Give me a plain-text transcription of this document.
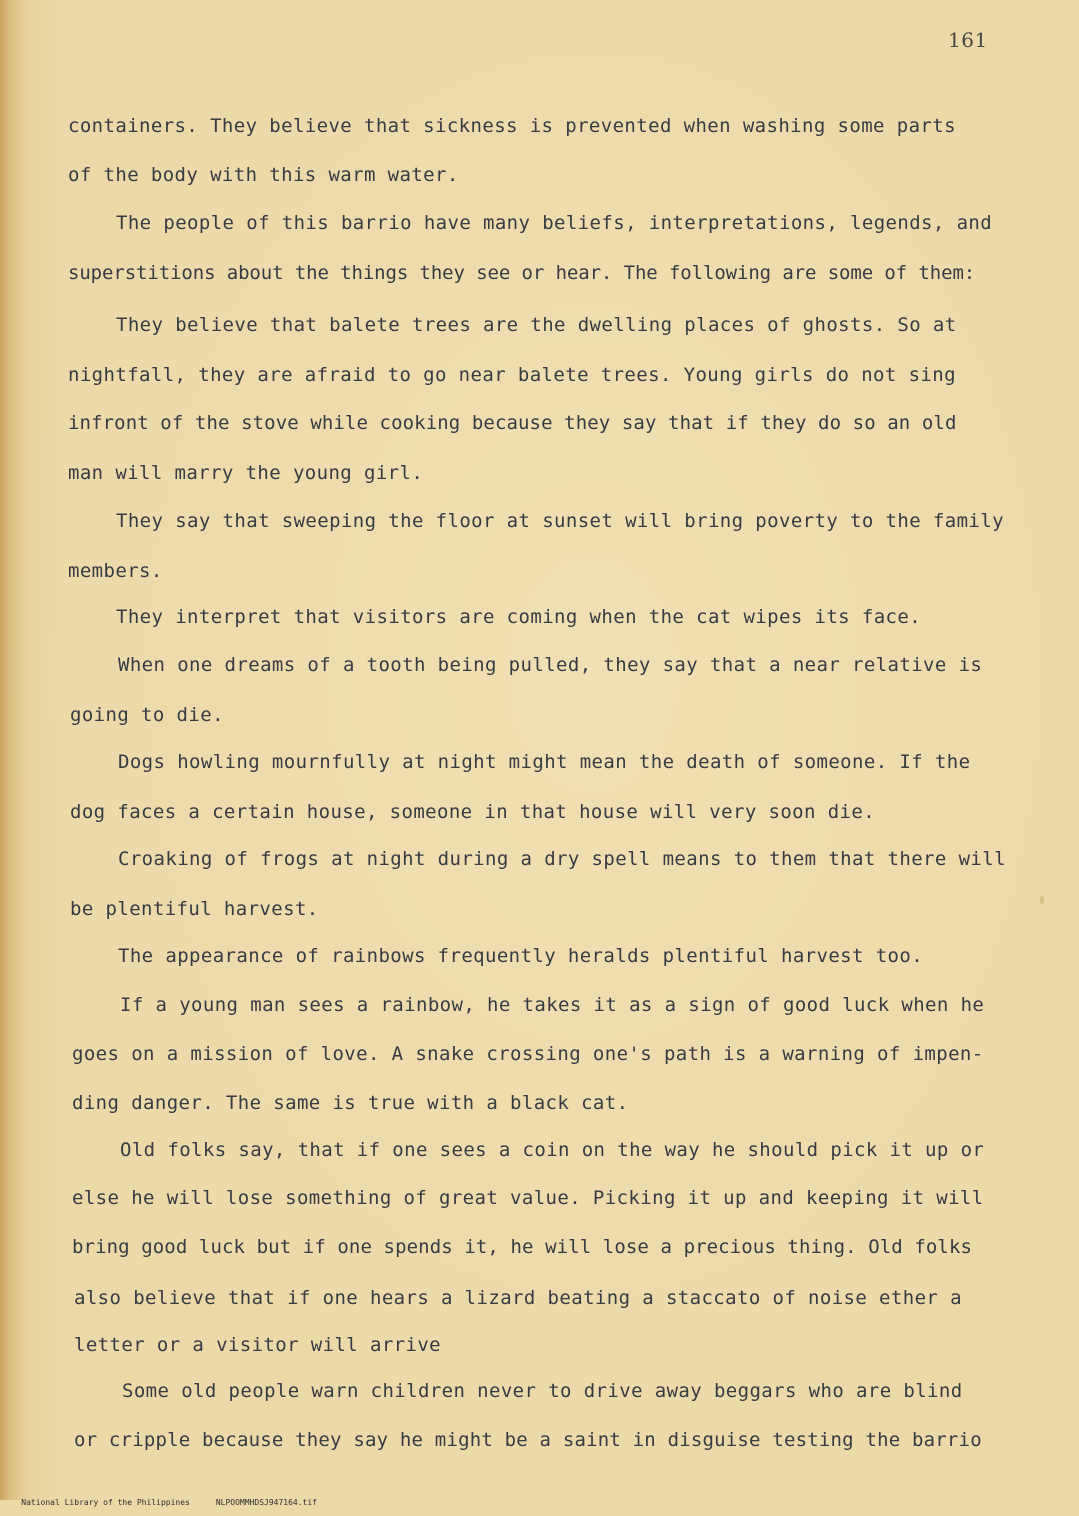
161

containers. They believe that sickness is prevented when washing some parts

of the body with this warm water.

The people of this barrio have many beliefs, interpretations, legends, and

superstitions about the things they see or hear. The following are some of them:

They believe that balete trees are the dwelling places of ghosts. So at

nightfall, they are afraid to go near balete trees. Young girls do not sing

infront of the stove while cooking because they say that if they do so an old

man will marry the young girl.

They say that sweeping the floor at sunset will bring poverty to the family

members.

They interpret that visitors are coming when the cat wipes its face.

When one dreams of a tooth being pulled, they say that a near relative is

going to die.

Dogs howling mournfully at night might mean the death of someone. If the

dog faces a certain house, someone in that house will very soon die.

Croaking of frogs at night during a dry spell means to them that there will

be plentiful harvest.

The appearance of rainbows frequently heralds plentiful harvest too.

If a young man sees a rainbow, he takes it as a sign of good luck when he

goes on a mission of love. A snake crossing one's path is a warning of impen-

ding danger. The same is true with a black cat.

Old folks say, that if one sees a coin on the way he should pick it up or

else he will lose something of great value. Picking it up and keeping it will

bring good luck but if one spends it, he will lose a precious thing. Old folks

also believe that if one hears a lizard beating a staccato of noise ether a

letter or a visitor will arrive

Some old people warn children never to drive away beggars who are blind

or cripple because they say he might be a saint in disguise testing the barrio

National Library of the Philippines	NLPOOMMHDSJ947164.tif
